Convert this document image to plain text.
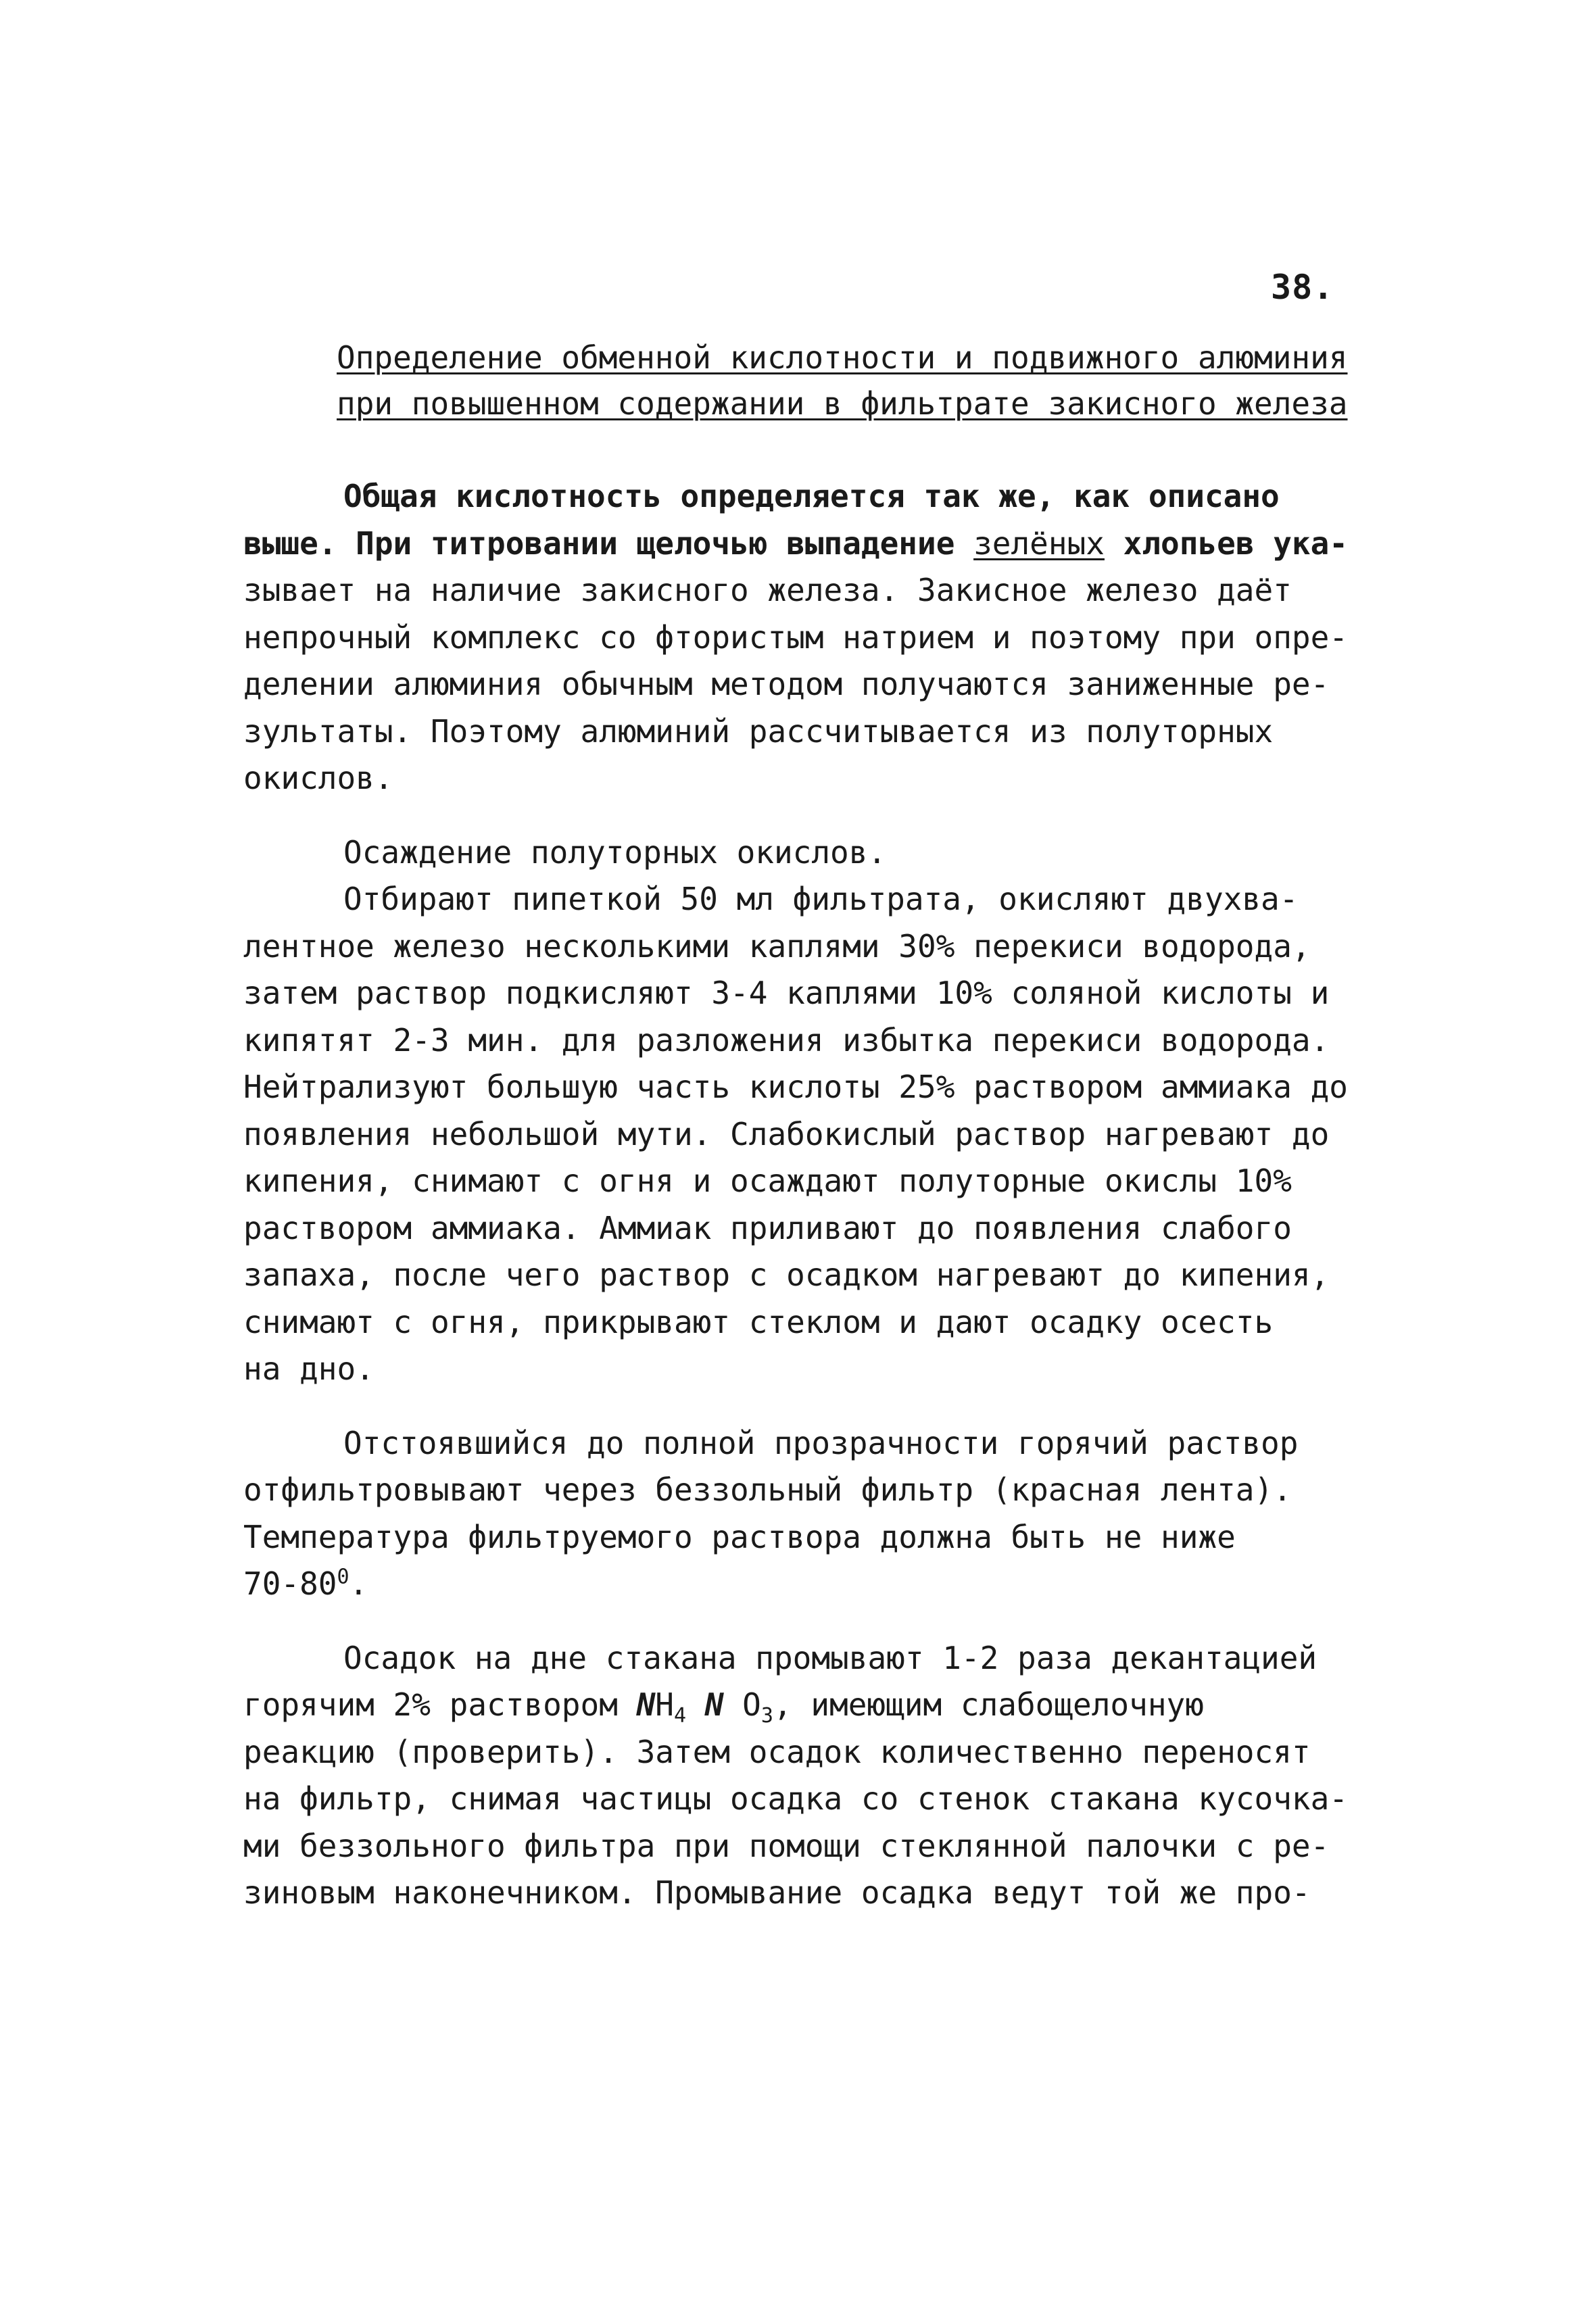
38.
Определение обменной кислотности и подвижного алюминия
при повышенном содержании в фильтрате закисного железа
Общая кислотность определяется так же, как описано
выше. При титровании щелочью выпадение зелёных хлопьев ука-
зывает на наличие закисного железа. Закисное железо даёт
непрочный комплекс со фтористым натрием и поэтому при опре-
делении алюминия обычным методом получаются заниженные ре-
зультаты. Поэтому алюминий рассчитывается из полуторных
окислов.
Осаждение полуторных окислов.
Отбирают пипеткой 50 мл фильтрата, окисляют двухва-
лентное железо несколькими каплями 30% перекиси водорода,
затем раствор подкисляют 3-4 каплями 10% соляной кислоты и
кипятят 2-3 мин. для разложения избытка перекиси водорода.
Нейтрализуют большую часть кислоты 25% раствором аммиака до
появления небольшой мути. Слабокислый раствор нагревают до
кипения, снимают с огня и осаждают полуторные окислы 10%
раствором аммиака. Аммиак приливают до появления слабого
запаха, после чего раствор с осадком нагревают до кипения,
снимают с огня, прикрывают стеклом и дают осадку осесть
на дно.
Отстоявшийся до полной прозрачности горячий раствор
отфильтровывают через беззольный фильтр (красная лента).
Температура фильтруемого раствора должна быть не ниже
$70-80^0$.
Осадок на дне стакана промывают 1-2 раза декантацией
горячим 2% раствором $NH_4$ N $O_3$, имеющим слабощелочную
реакцию (проверить). Затем осадок количественно переносят
на фильтр, снимая частицы осадка со стенок стакана кусочка-
ми беззольного фильтра при помощи стеклянной палочки с ре-
зиновым наконечником. Промывание осадка ведут той же про-
